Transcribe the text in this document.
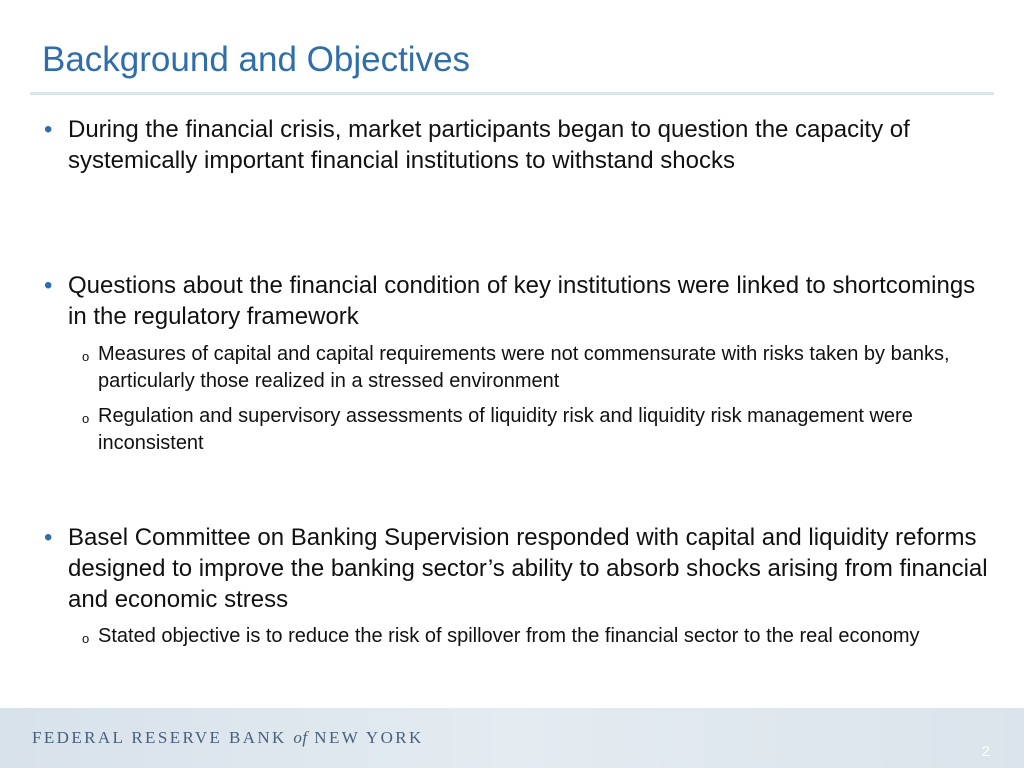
Background and Objectives
• During the financial crisis, market participants began to question the capacity of systemically important financial institutions to withstand shocks
• Questions about the financial condition of key institutions were linked to shortcomings in the regulatory framework
o Measures of capital and capital requirements were not commensurate with risks taken by banks, particularly those realized in a stressed environment
o Regulation and supervisory assessments of liquidity risk and liquidity risk management were inconsistent
• Basel Committee on Banking Supervision responded with capital and liquidity reforms designed to improve the banking sector’s ability to absorb shocks arising from financial and economic stress
o Stated objective is to reduce the risk of spillover from the financial sector to the real economy
FEDERAL RESERVE BANK of NEW YORK
2
